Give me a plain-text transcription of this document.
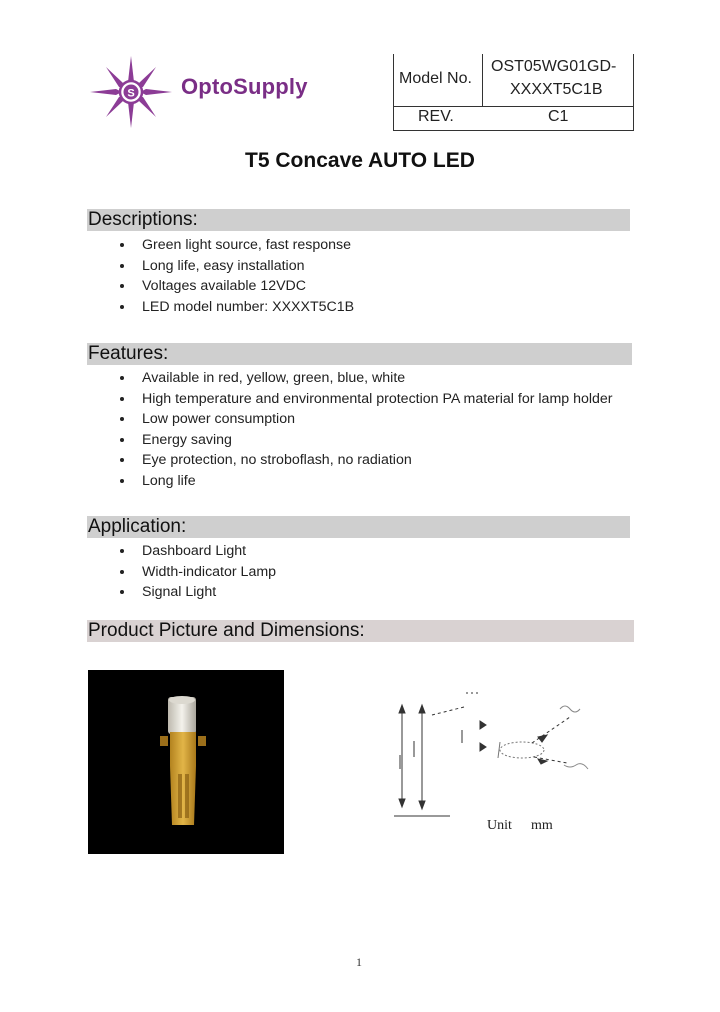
S OptoSupply	Model No.
OST05WG01GD-
XXXXT5C1B
REV.	C1
T5 Concave AUTO LED
Descriptions:
Green light source, fast response
Long life, easy installation
Voltages available 12VDC
LED model number: XXXXT5C1B
Features:
Available in red, yellow, green, blue, white
High temperature and environmental protection PA material for lamp holder
Low power consumption
Energy saving
Eye protection, no stroboflash, no radiation
Long life
Application:
Dashboard Light
Width-indicator Lamp
Signal Light
Product Picture and Dimensions:
Unit mm
1
